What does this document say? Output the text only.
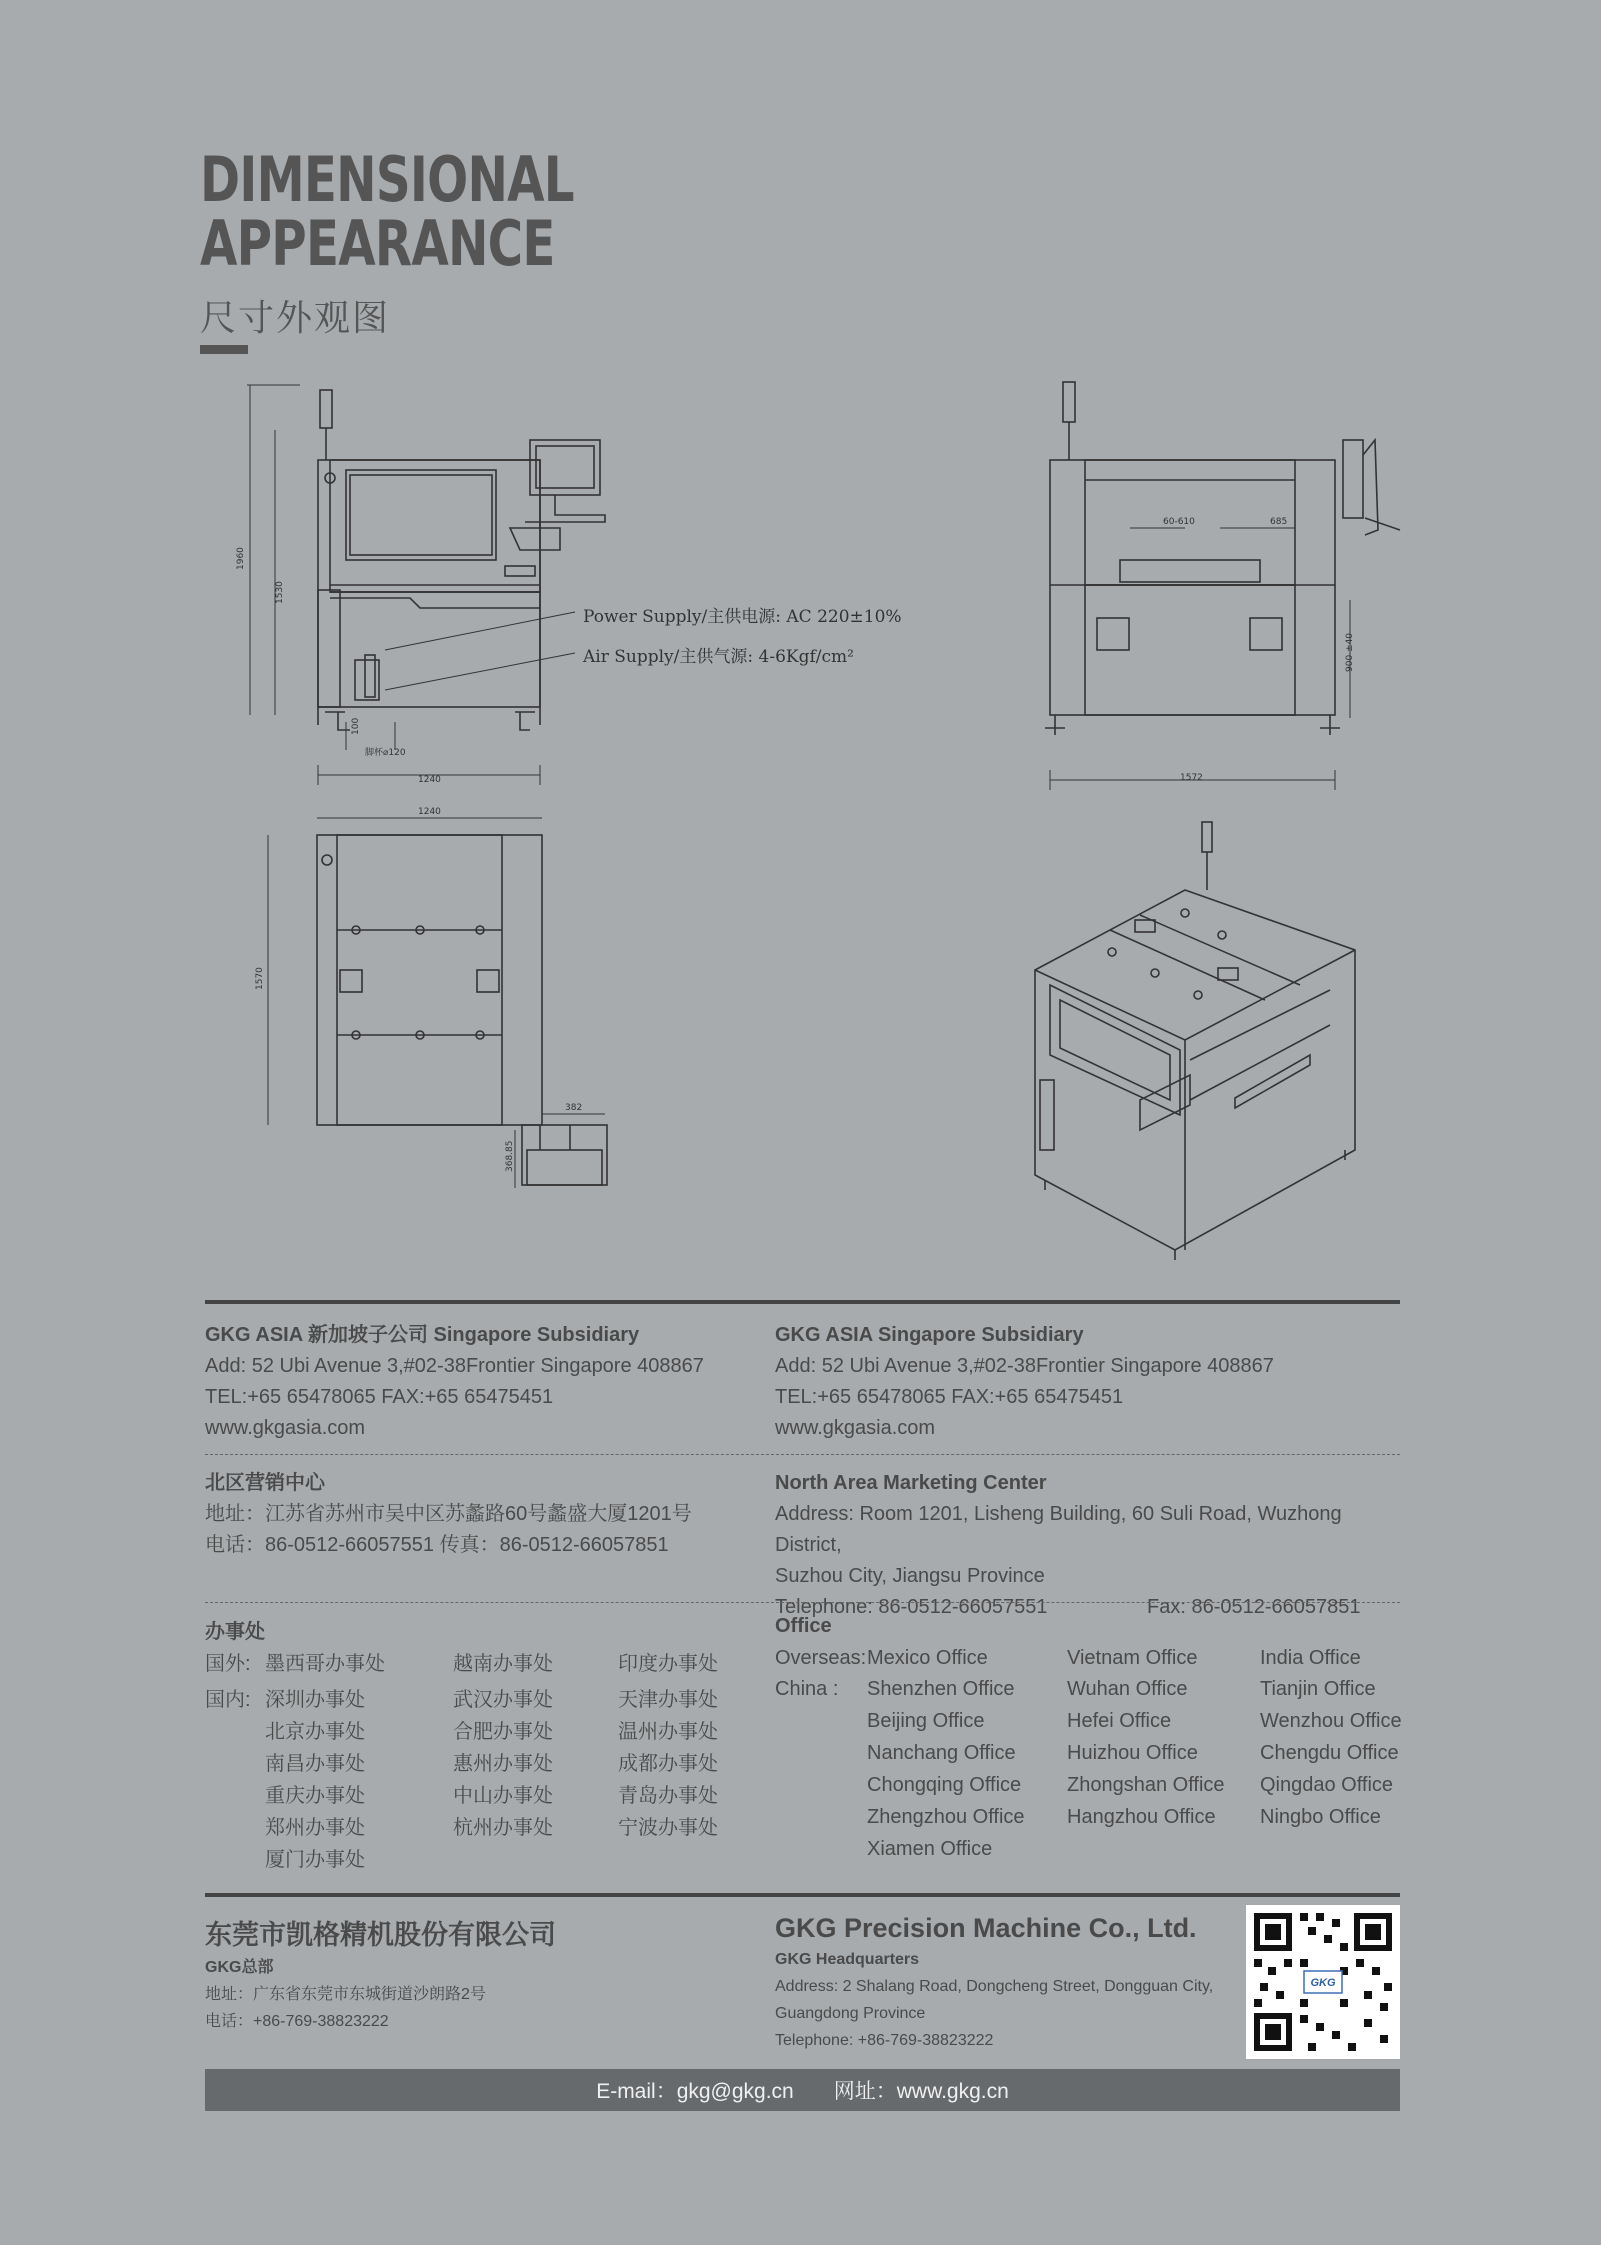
DIMENSIONAL
APPEARANCE
尺寸外观图
Power Supply/主供电源: AC 220±10%
Air Supply/主供气源: 4-6Kgf/cm²
1960
1530
1240
脚杯⌀120
100
60-610	685
900 ±40
1572
1240
1570
382
368.85
GKG ASIA 新加坡子公司 Singapore Subsidiary
Add: 52 Ubi Avenue 3,#02-38Frontier Singapore 408867
TEL:+65 65478065 FAX:+65 65475451
www.gkgasia.com
GKG ASIA Singapore Subsidiary
Add: 52 Ubi Avenue 3,#02-38Frontier Singapore 408867
TEL:+65 65478065 FAX:+65 65475451
www.gkgasia.com
北区营销中心
地址：江苏省苏州市吴中区苏蠡路60号蠡盛大厦1201号
电话：86-0512-66057551 传真：86-0512-66057851
North Area Marketing Center
Address: Room 1201, Lisheng Building, 60 Suli Road, Wuzhong District,
Suzhou City, Jiangsu Province
Telephone: 86-0512-66057551	Fax: 86-0512-66057851
办事处
国外: 墨西哥办事处	越南办事处	印度办事处
国内: 深圳办事处	武汉办事处	天津办事处
北京办事处	合肥办事处	温州办事处
南昌办事处	惠州办事处	成都办事处
重庆办事处	中山办事处	青岛办事处
郑州办事处	杭州办事处	宁波办事处
厦门办事处
Office
Overseas: Mexico Office	Vietnam Office	India Office
China : Shenzhen Office	Wuhan Office	Tianjin Office
Beijing Office	Hefei Office	Wenzhou Office
Nanchang Office	Huizhou Office	Chengdu Office
Chongqing Office Zhongshan Office Qingdao Office
Zhengzhou Office Hangzhou Office Ningbo Office
Xiamen Office
东莞市凯格精机股份有限公司
GKG总部
地址：广东省东莞市东城街道沙朗路2号
电话：+86-769-38823222
GKG Precision Machine Co., Ltd.
GKG Headquarters
Address: 2 Shalang Road, Dongcheng Street, Dongguan City,
Guangdong Province
Telephone: +86-769-38823222
GKG
E-mail：gkg@gkg.cn 网址：www.gkg.cn
